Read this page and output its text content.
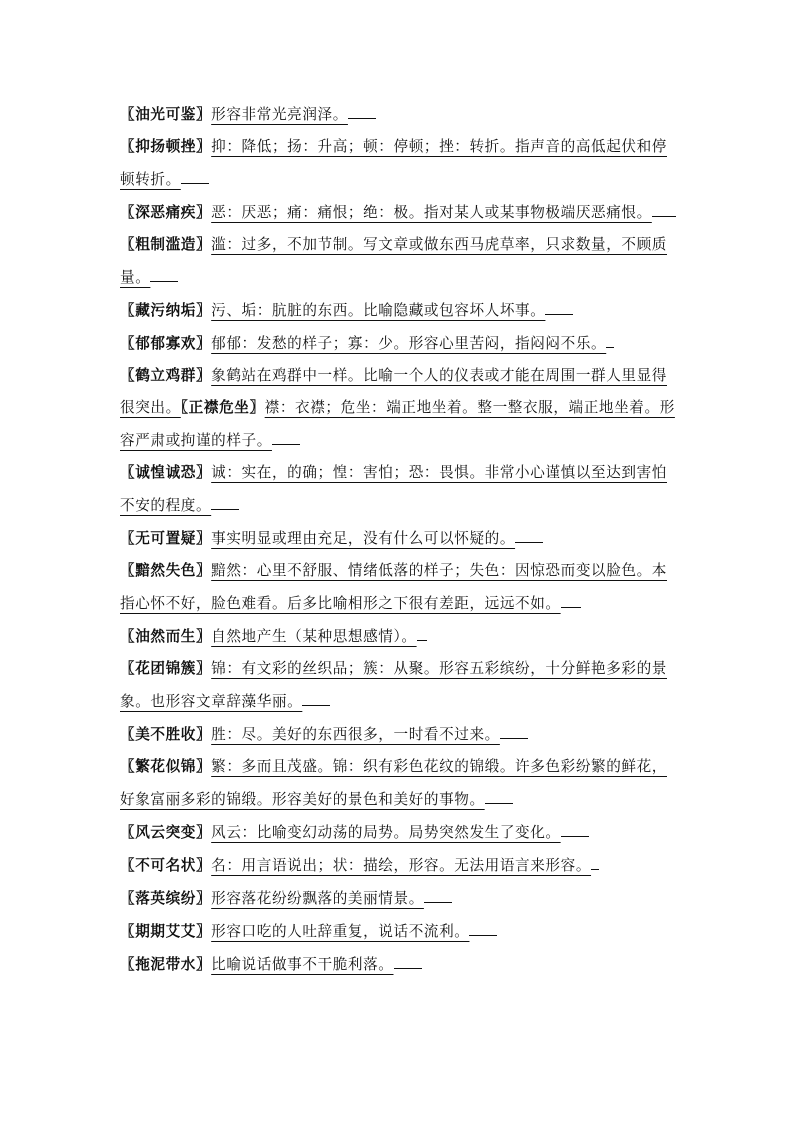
〖油光可鉴〗形容非常光亮润泽。

〖抑扬顿挫〗抑：降低；扬：升高；顿：停顿；挫：转折。指声音的高低起伏和停顿转折。

〖深恶痛疾〗恶：厌恶；痛：痛恨；绝：极。指对某人或某事物极端厌恶痛恨。

〖粗制滥造〗滥：过多，不加节制。写文章或做东西马虎草率，只求数量，不顾质量。

〖藏污纳垢〗污、垢：肮脏的东西。比喻隐藏或包容坏人坏事。

〖郁郁寡欢〗郁郁：发愁的样子；寡：少。形容心里苦闷，指闷闷不乐。

〖鹤立鸡群〗象鹤站在鸡群中一样。比喻一个人的仪表或才能在周围一群人里显得很突出。〖正襟危坐〗襟：衣襟；危坐：端正地坐着。整一整衣服，端正地坐着。形容严肃或拘谨的样子。

〖诚惶诚恐〗诚：实在，的确；惶：害怕；恐：畏惧。非常小心谨慎以至达到害怕不安的程度。

〖无可置疑〗事实明显或理由充足，没有什么可以怀疑的。

〖黯然失色〗黯然：心里不舒服、情绪低落的样子；失色：因惊恐而变以脸色。本指心怀不好，脸色难看。后多比喻相形之下很有差距，远远不如。

〖油然而生〗自然地产生（某种思想感情）。

〖花团锦簇〗锦：有文彩的丝织品；簇：从聚。形容五彩缤纷，十分鲜艳多彩的景象。也形容文章辞藻华丽。

〖美不胜收〗胜：尽。美好的东西很多，一时看不过来。

〖繁花似锦〗繁：多而且茂盛。锦：织有彩色花纹的锦缎。许多色彩纷繁的鲜花，好象富丽多彩的锦缎。形容美好的景色和美好的事物。

〖风云突变〗风云：比喻变幻动荡的局势。局势突然发生了变化。

〖不可名状〗名：用言语说出；状：描绘，形容。无法用语言来形容。

〖落英缤纷〗形容落花纷纷飘落的美丽情景。

〖期期艾艾〗形容口吃的人吐辞重复，说话不流利。

〖拖泥带水〗比喻说话做事不干脆利落。
